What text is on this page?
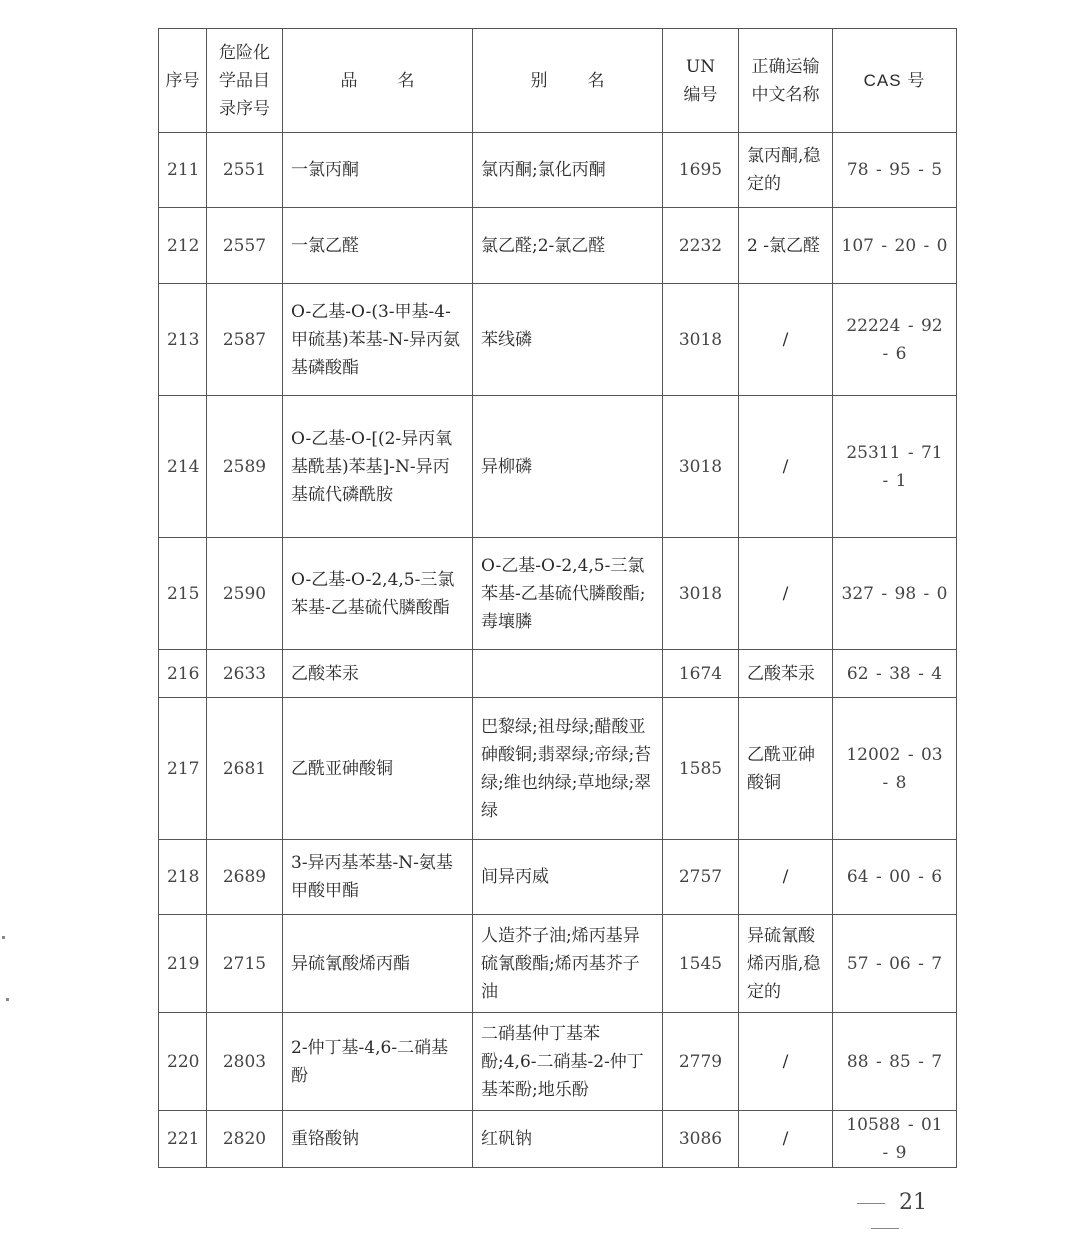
序号	危险化学品目录序号	品名	别名	UN编号	正确运输中文名称	CAS 号
211	2551	一氯丙酮	氯丙酮;氯化丙酮	1695	氯丙酮,稳定的	78 - 95 - 5
212	2557	一氯乙醛	氯乙醛;2-氯乙醛	2232	2 -氯乙醛	107 - 20 - 0
213	2587	O-乙基-O-(3-甲基-4-甲硫基)苯基-N-异丙氨基磷酸酯	苯线磷	3018	/	22224 - 92 - 6
214	2589	O-乙基-O-[(2-异丙氧基酰基)苯基]-N-异丙基硫代磷酰胺	异柳磷	3018	/	25311 - 71 - 1
215	2590	O-乙基-O-2,4,5-三氯苯基-乙基硫代膦酸酯	O-乙基-O-2,4,5-三氯苯基-乙基硫代膦酸酯;毒壤膦	3018	/	327 - 98 - 0
216	2633	乙酸苯汞		1674	乙酸苯汞	62 - 38 - 4
217	2681	乙酰亚砷酸铜	巴黎绿;祖母绿;醋酸亚砷酸铜;翡翠绿;帝绿;苔绿;维也纳绿;草地绿;翠绿	1585	乙酰亚砷酸铜	12002 - 03 - 8
218	2689	3-异丙基苯基-N-氨基甲酸甲酯	间异丙威	2757	/	64 - 00 - 6
219	2715	异硫氰酸烯丙酯	人造芥子油;烯丙基异硫氰酸酯;烯丙基芥子油	1545	异硫氰酸烯丙脂,稳定的	57 - 06 - 7
220	2803	2-仲丁基-4,6-二硝基酚	二硝基仲丁基苯酚;4,6-二硝基-2-仲丁基苯酚;地乐酚	2779	/	88 - 85 - 7
221	2820	重铬酸钠	红矾钠	3086	/	10588 - 01 - 9
21
